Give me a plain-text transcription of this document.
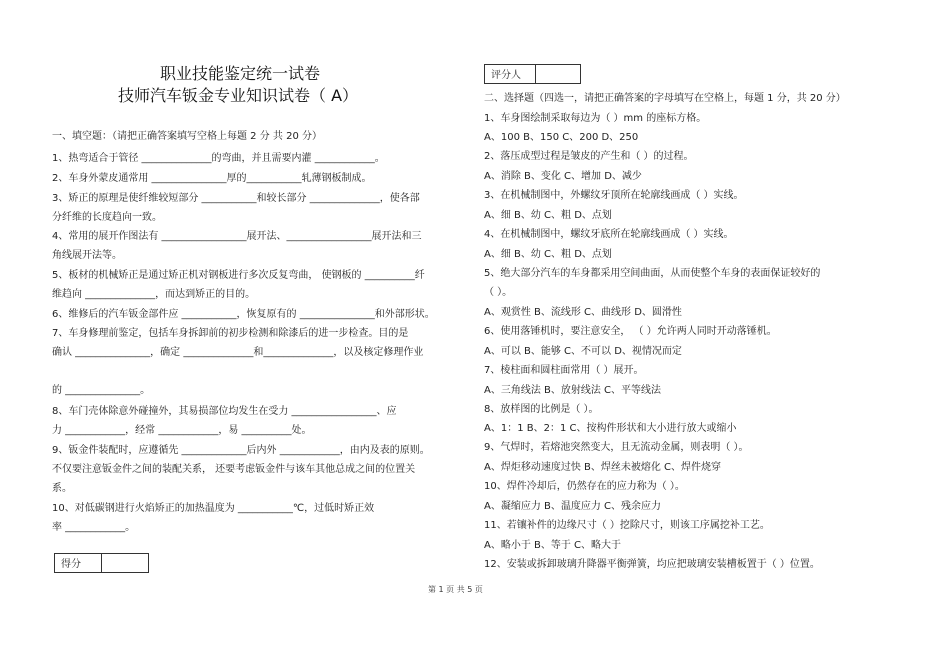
职业技能鉴定统一试卷
技师汽车钣金专业知识试卷（ A）
一、填空题：（请把正确答案填写空格上每题 2 分 共 20 分）
1、热弯适合于管径 ______________的弯曲，并且需要内灌 ____________。
2、车身外蒙皮通常用 _______________厚的___________轧薄钢板制成。
3、矫正的原理是使纤维较短部分 ___________和较长部分 ______________，使各部
分纤维的长度趋向一致。
4、常用的展开作图法有 _________________展开法、_________________展开法和三
角线展开法等。
5、板材的机械矫正是通过矫正机对钢板进行多次反复弯曲， 使钢板的 __________纤
维趋向 ______________，而达到矫正的目的。
6、维修后的汽车钣金部件应 ___________，恢复原有的 _______________和外部形状。
7、车身修理前鉴定，包括车身拆卸前的初步检测和除漆后的进一步检查。目的是
确认 _______________，确定 ______________和______________，以及核定修理作业
的 _______________。
8、车门壳体除意外碰撞外，其易损部位均发生在受力 _________________、应
力 ____________，经常 ____________，易 __________处。
9、钣金件装配时，应遵循先 _____________后内外 ____________，由内及表的原则。
不仅要注意钣金件之间的装配关系， 还要考虑钣金件与该车其他总成之间的位置关
系。
10、对低碳钢进行火焰矫正的加热温度为 ___________℃，过低时矫正效
率 ____________。
二、选择题（四选一，请把正确答案的字母填写在空格上，每题 1 分，共 20 分）
1、车身图绘制采取每边为（ ）mm 的座标方格。
A、100 B、150 C、200 D、250
2、落压成型过程是皱皮的产生和（ ）的过程。
A、消除 B、变化 C、增加 D、减少
3、在机械制图中，外螺纹牙顶所在轮廓线画成（ ）实线。
A、细 B、幼 C、粗 D、点划
4、在机械制图中，螺纹牙底所在轮廓线画成（ ）实线。
A、细 B、幼 C、粗 D、点划
5、绝大部分汽车的车身都采用空间曲面，从而使整个车身的表面保证较好的
（ ）。
A、观赏性 B、流线形 C、曲线形 D、圆滑性
6、使用落锤机时，要注意安全， （ ）允许两人同时开动落锤机。
A、可以 B、能够 C、不可以 D、视情况而定
7、棱柱面和圆柱面常用（ ）展开。
A、三角线法 B、放射线法 C、平等线法
8、放样图的比例是（ ）。
A、1：1 B、2：1 C、按构件形状和大小进行放大或缩小
9、气焊时，若熔池突然变大，且无流动金属，则表明（ ）。
A、焊炬移动速度过快 B、焊丝未被熔化 C、焊件烧穿
10、焊件冷却后，仍然存在的应力称为（ ）。
A、凝缩应力 B、温度应力 C、残余应力
11、若镶补件的边缘尺寸（ ）挖除尺寸，则该工序属挖补工艺。
A、略小于 B、等于 C、略大于
12、安装或拆卸玻璃升降器平衡弹簧，均应把玻璃安装槽板置于（ ）位置。
评分人
得分
第 1 页 共 5 页
